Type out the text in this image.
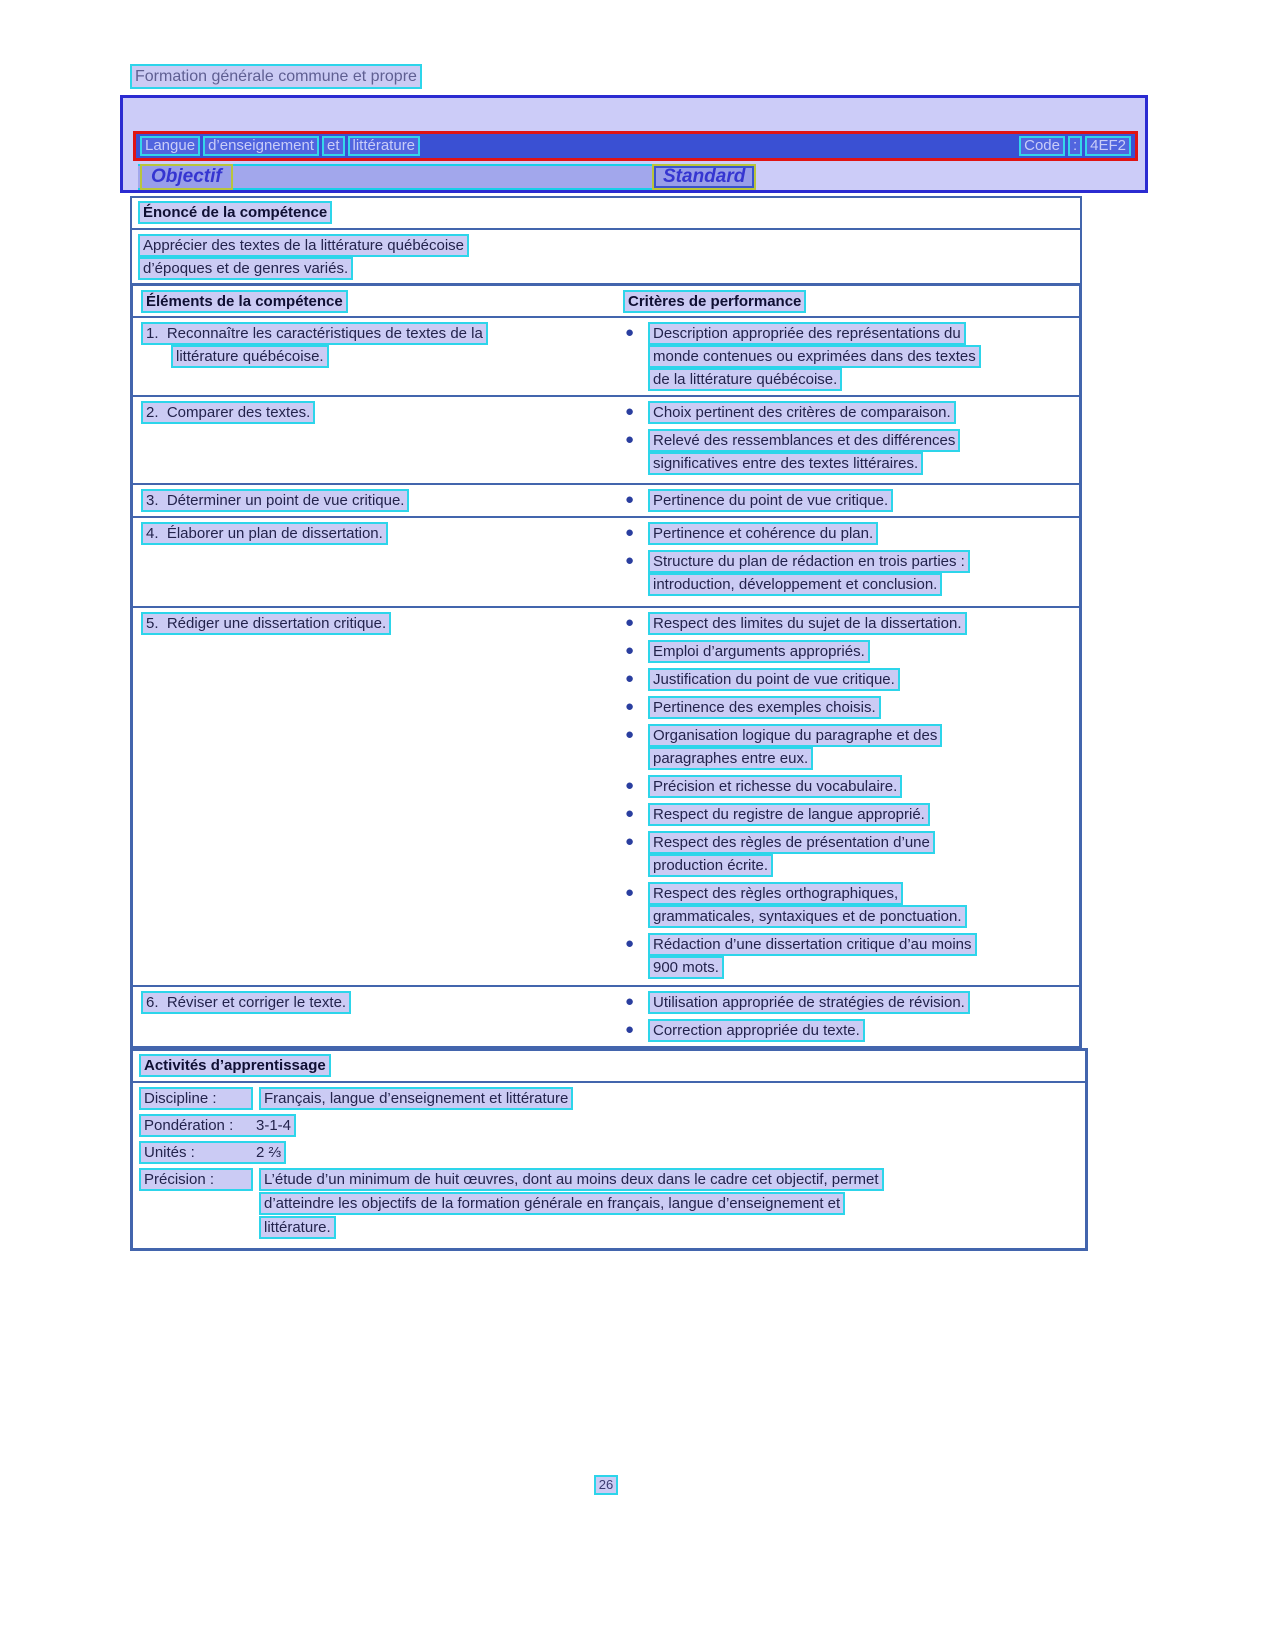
Formation générale commune et propre
Langue d’enseignement et littérature	Code : 4EF2
Objectif	Standard
Énoncé de la compétence
Apprécier des textes de la littérature québécoise
d’époques et de genres variés.
Éléments de la compétence	Critères de performance
1.  Reconnaître les caractéristiques de textes de la
littérature québécoise.
●	Description appropriée des représentations du
monde contenues ou exprimées dans des textes
de la littérature québécoise.
2.  Comparer des textes.	●	Choix pertinent des critères de comparaison.
●	Relevé des ressemblances et des différences
significatives entre des textes littéraires.
3.  Déterminer un point de vue critique.	●	Pertinence du point de vue critique.
4.  Élaborer un plan de dissertation.	●	Pertinence et cohérence du plan.
●	Structure du plan de rédaction en trois parties :
introduction, développement et conclusion.
5.  Rédiger une dissertation critique.	●	Respect des limites du sujet de la dissertation.
●	Emploi d’arguments appropriés.
●	Justification du point de vue critique.
●	Pertinence des exemples choisis.
●	Organisation logique du paragraphe et des
paragraphes entre eux.
●	Précision et richesse du vocabulaire.
●	Respect du registre de langue approprié.
●	Respect des règles de présentation d’une
production écrite.
●	Respect des règles orthographiques,
grammaticales, syntaxiques et de ponctuation.
●	Rédaction d’une dissertation critique d’au moins
900 mots.
6.  Réviser et corriger le texte.	●	Utilisation appropriée de stratégies de révision.
●	Correction appropriée du texte.
Activités d’apprentissage
Discipline :	Français, langue d’enseignement et littérature
Pondération : 3-1-4
Unités :	2 ⅔
Précision :	L’étude d’un minimum de huit œuvres, dont au moins deux dans le cadre cet objectif, permet
d’atteindre les objectifs de la formation générale en français, langue d’enseignement et
littérature.
26
